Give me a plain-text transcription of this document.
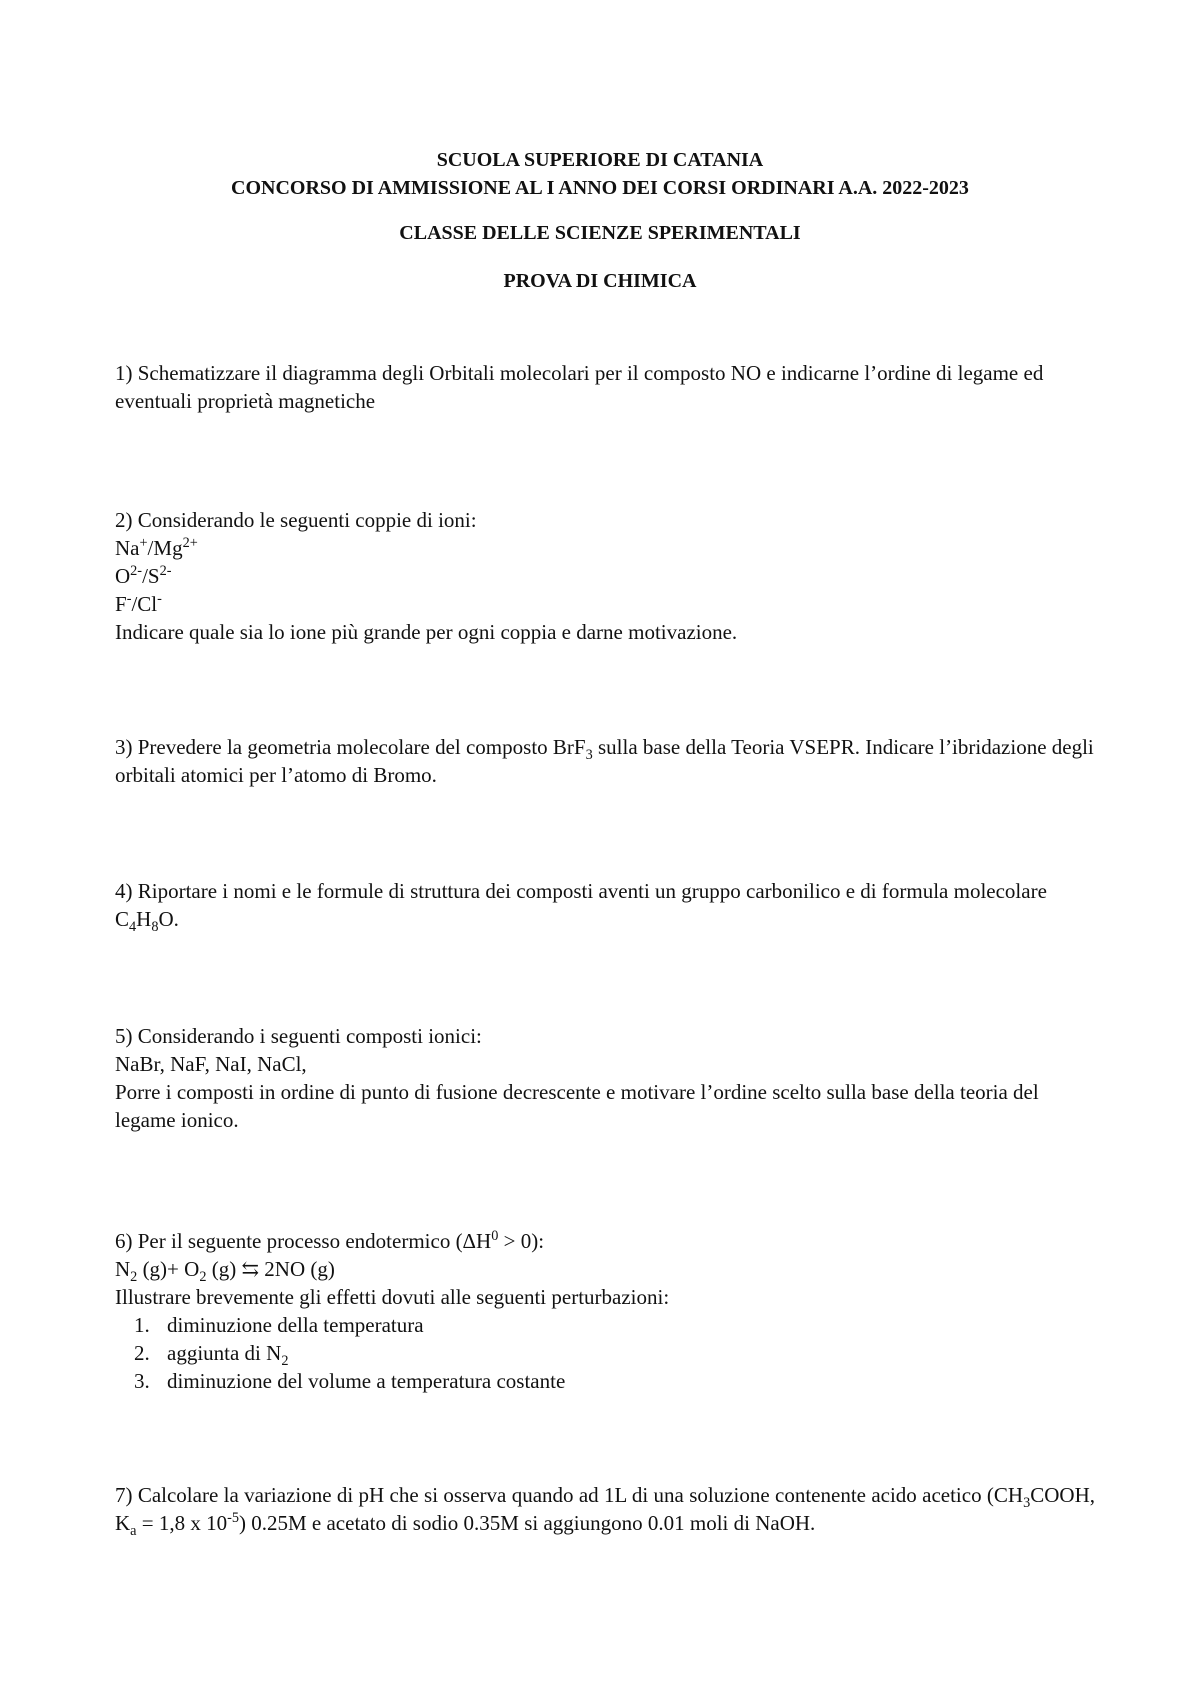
SCUOLA SUPERIORE DI CATANIA
CONCORSO DI AMMISSIONE AL I ANNO DEI CORSI ORDINARI A.A. 2022-2023
CLASSE DELLE SCIENZE SPERIMENTALI
PROVA DI CHIMICA

1) Schematizzare il diagramma degli Orbitali molecolari per il composto NO e indicarne l’ordine di legame ed eventuali proprietà magnetiche

2) Considerando le seguenti coppie di ioni:

$Na^+/Mg^{2+}$

$O^{2-}/S^{2-}$

F-/Cl-

Indicare quale sia lo ione più grande per ogni coppia e darne motivazione.

3) Prevedere la geometria molecolare del composto BrF$_3$ sulla base della Teoria VSEPR. Indicare l’ibridazione degli orbitali atomici per l’atomo di Bromo.

4) Riportare i nomi e le formule di struttura dei composti aventi un gruppo carbonilico e di formula molecolare $C_4H_8O$.

5) Considerando i seguenti composti ionici:

NaBr, NaF, NaI, NaCl,

Porre i composti in ordine di punto di fusione decrescente e motivare l’ordine scelto sulla base della teoria del legame ionico.

6) Per il seguente processo endotermico $(\Delta H^0 > 0)$:

$N_2$ $(g)+ O_2$ (g) ⇆ 2NO (g)

Illustrare brevemente gli effetti dovuti alle seguenti perturbazioni:

1. diminuzione della temperatura
2. aggiunta di $N_2$
3. diminuzione del volume a temperatura costante

7) Calcolare la variazione di pH che si osserva quando ad 1L di una soluzione contenente acido acetico ($CH_3COOH$, $K_a = 1,8$ x $10^{-5}$) 0.25M e acetato di sodio 0.35M si aggiungono 0.01 moli di NaOH.
